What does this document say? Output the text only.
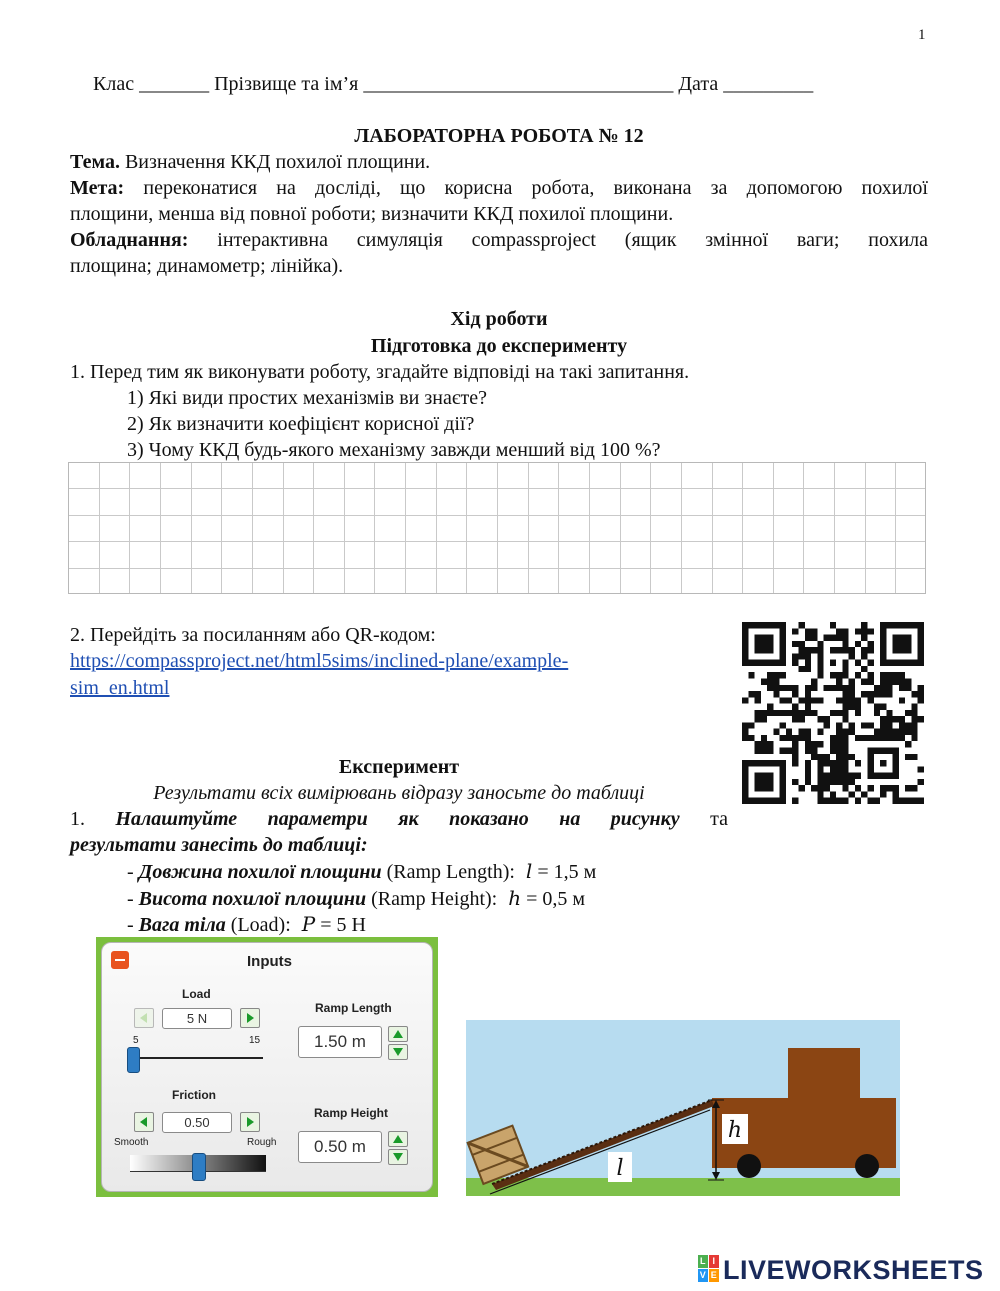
1
Клас _______ Прізвище та ім’я _______________________________ Дата _________
ЛАБОРАТОРНА РОБОТА № 12
Тема. Визначення ККД похилої площини.
Мета: переконатися на досліді, що корисна робота, виконана за допомогою похилої
площини, менша від повної роботи; визначити ККД похилої площини.
Обладнання: інтерактивна симуляція compassproject (ящик змінної ваги; похила
площина; динамометр; лінійка).
Хід роботи
Підготовка до експерименту
1. Перед тим як виконувати роботу, згадайте відповіді на такі запитання.
1) Які види простих механізмів ви знаєте?
2) Як визначити коефіцієнт корисної дії?
3) Чому ККД будь-якого механізму завжди менший від 100 %?
2. Перейдіть за посиланням або QR-кодом:
https://compassproject.net/html5sims/inclined-plane/example-
sim_en.html
Експеримент
Результати всіх вимірювань відразу заносьте до таблиці
1. Налаштуйте параметри як показано на рисунку та
результати занесіть до таблиці:
- Довжина похилої площини (Ramp Length): l = 1,5 м
- Висота похилої площини (Ramp Height): h = 0,5 м
- Вага тіла (Load): P = 5 Н
Inputs
Load
5 N
5	15
Friction
0.50
Smooth	Rough
Ramp Length
1.50 m
Ramp Height
0.50 m
h
l
L I
V E LIVEWORKSHEETS
